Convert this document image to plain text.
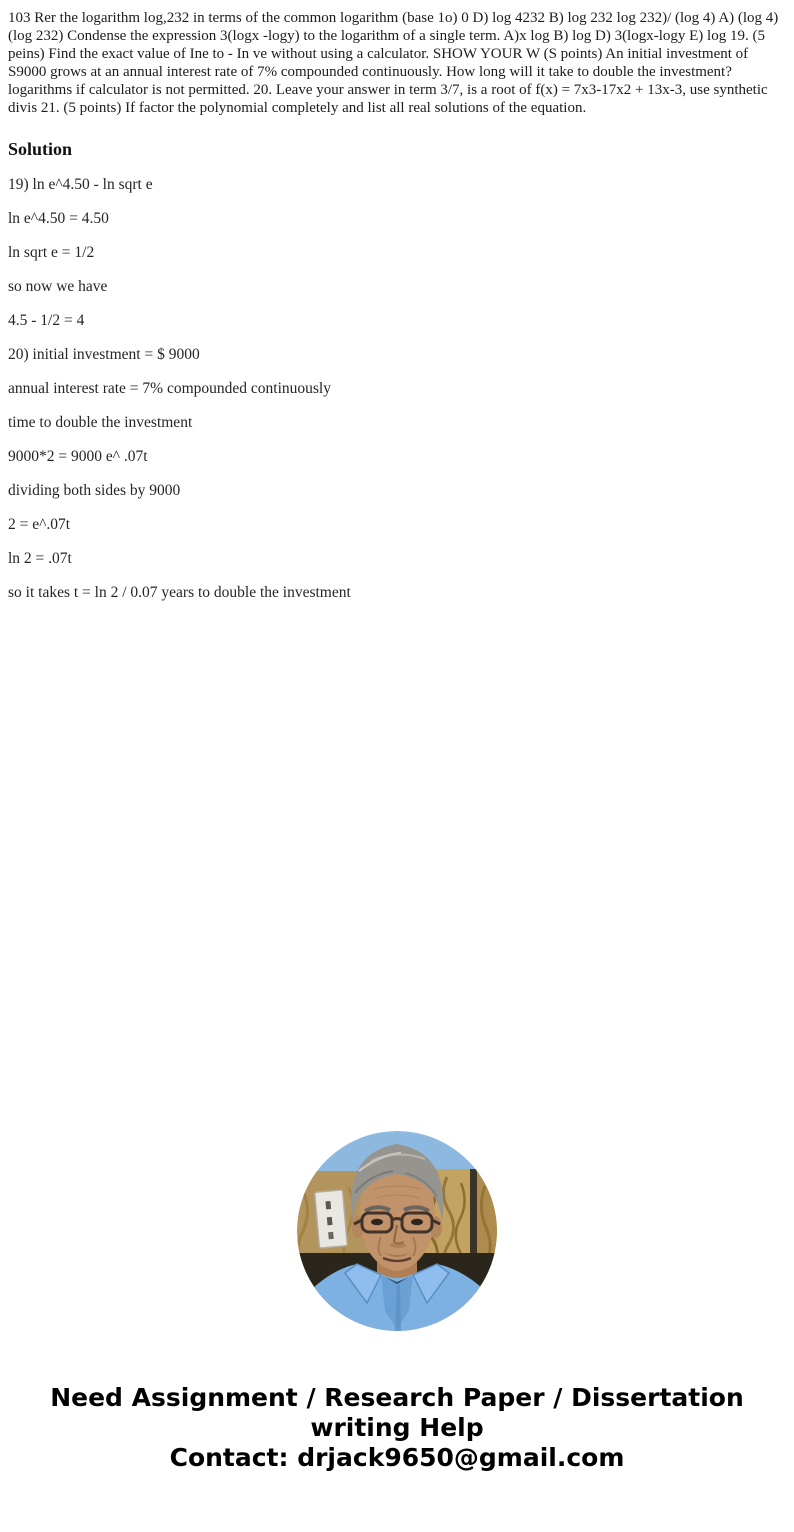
103 Rer the logarithm log,232 in terms of the common logarithm (base 1o) 0 D) log 4232 B) log 232 log 232)/ (log 4) A) (log 4) (log 232) Condense the expression 3(logx -logy) to the logarithm of a single term. A)x log B) log D) 3(logx-logy E) log 19. (5 peins) Find the exact value of Ine to - In ve without using a calculator. SHOW YOUR W (S points) An initial investment of S9000 grows at an annual interest rate of 7% compounded continuously. How long will it take to double the investment? logarithms if calculator is not permitted. 20. Leave your answer in term 3/7, is a root of f(x) = 7x3-17x2 + 13x-3, use synthetic divis 21. (5 points) If factor the polynomial completely and list all real solutions of the equation.

Solution

19) ln e^4.50 - ln sqrt e

ln e^4.50 = 4.50

ln sqrt e = 1/2

so now we have

4.5 - 1/2 = 4

20) initial investment = $ 9000

annual interest rate = 7% compounded continuously

time to double the investment

9000*2 = 9000 e^ .07t

dividing both sides by 9000

2 = e^.07t

ln 2 = .07t

so it takes t = ln 2 / 0.07 years to double the investment

Need Assignment / Research Paper / Dissertation writing Help
Contact: drjack9650@gmail.com
